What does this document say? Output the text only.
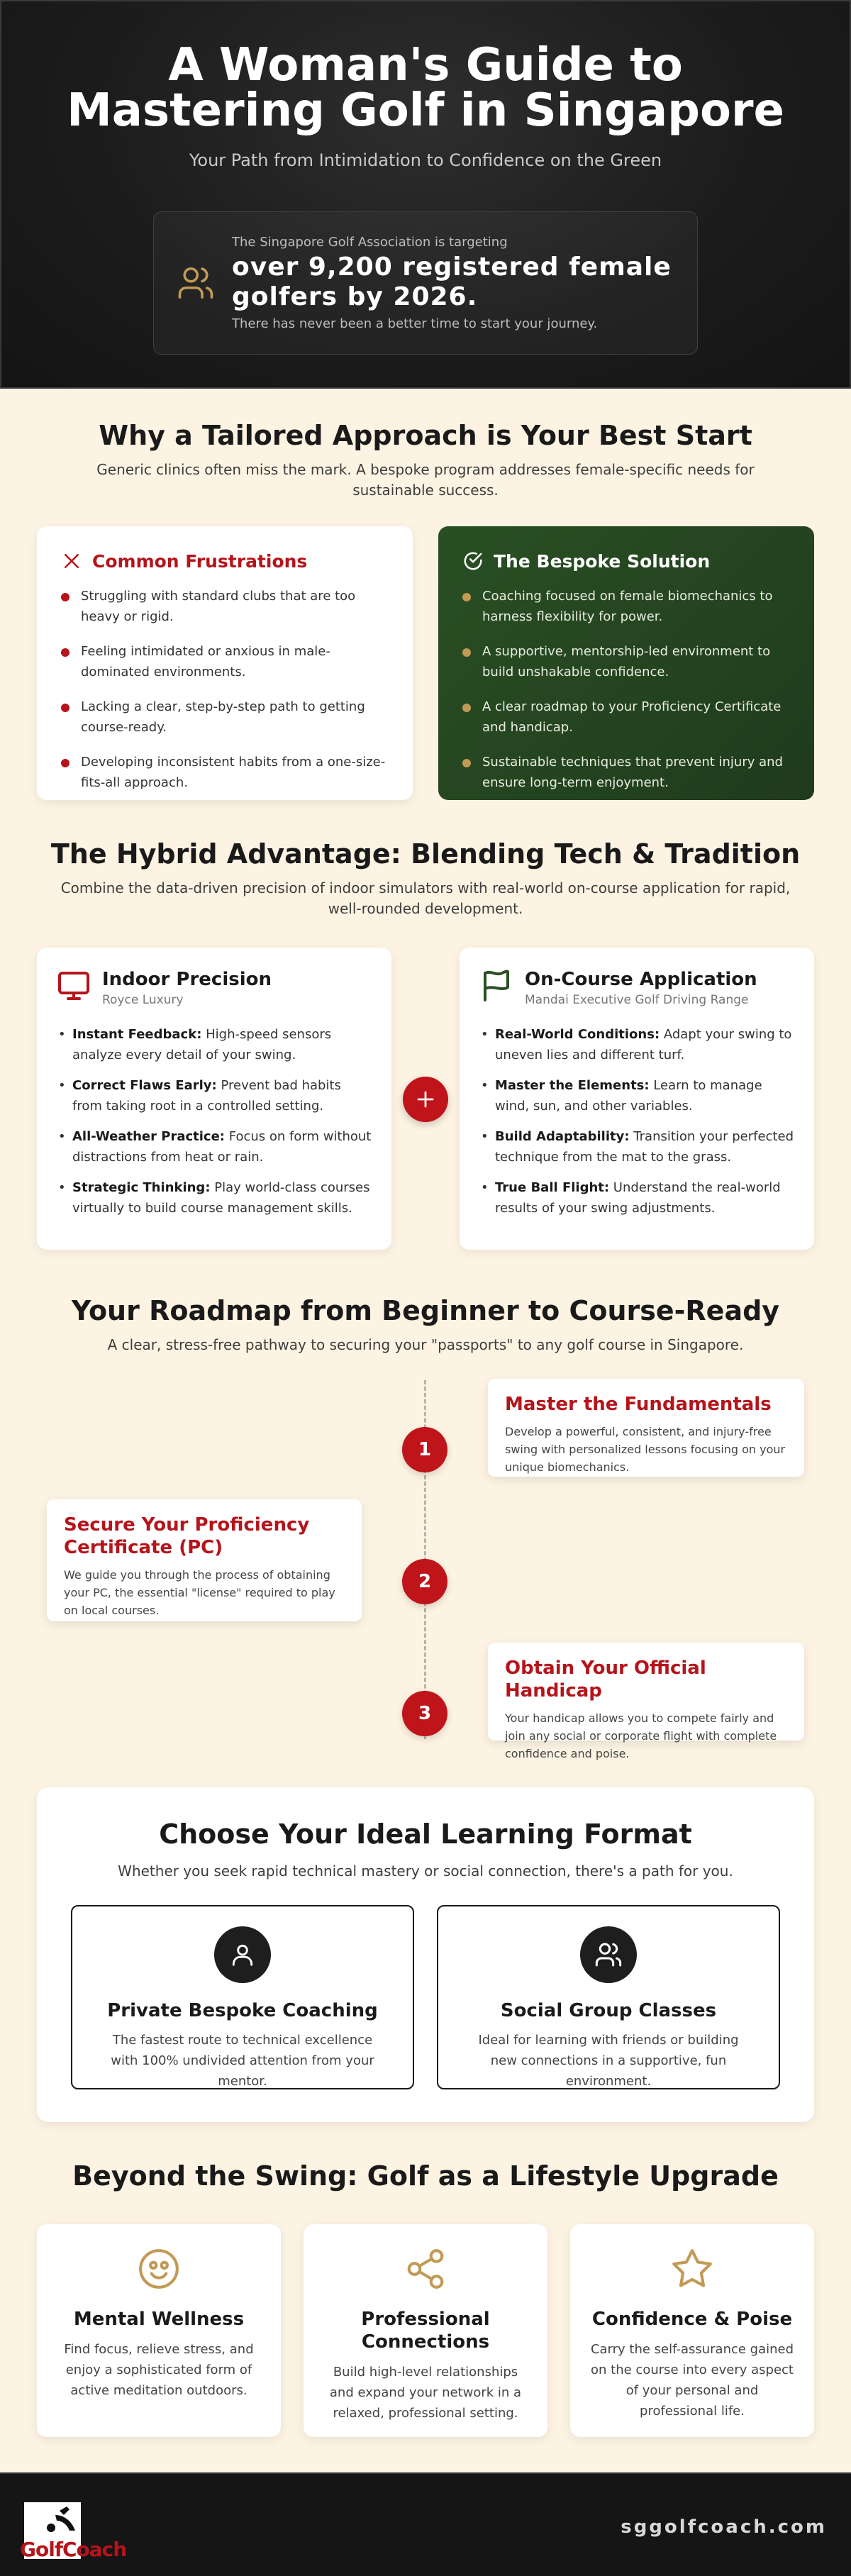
A Woman's Guide to Mastering Golf in Singapore

Your Path from Intimidation to Confidence on the Green

The Singapore Golf Association is targeting
over 9,200 registered female golfers by 2026.
There has never been a better time to start your journey.
Why a Tailored Approach is Your Best Start

Generic clinics often miss the mark. A bespoke program addresses female-specific needs for sustainable success.

Common Frustrations
Struggling with standard clubs that are too heavy or rigid.
Feeling intimidated or anxious in male-dominated environments.
Lacking a clear, step-by-step path to getting course-ready.
Developing inconsistent habits from a one-size-fits-all approach.
The Bespoke Solution
Coaching focused on female biomechanics to harness flexibility for power.
A supportive, mentorship-led environment to build unshakable confidence.
A clear roadmap to your Proficiency Certificate and handicap.
Sustainable techniques that prevent injury and ensure long-term enjoyment.
The Hybrid Advantage: Blending Tech & Tradition

Combine the data-driven precision of indoor simulators with real-world on-course application for rapid, well-rounded development.

Indoor Precision
Royce Luxury
• Instant Feedback: High-speed sensors analyze every detail of your swing.
• Correct Flaws Early: Prevent bad habits from taking root in a controlled setting.
• All-Weather Practice: Focus on form without distractions from heat or rain.
• Strategic Thinking: Play world-class courses virtually to build course management skills.
On-Course Application
Mandai Executive Golf Driving Range
• Real-World Conditions: Adapt your swing to uneven lies and different turf.
• Master the Elements: Learn to manage wind, sun, and other variables.
• Build Adaptability: Transition your perfected technique from the mat to the grass.
• True Ball Flight: Understand the real-world results of your swing adjustments.
Your Roadmap from Beginner to Course-Ready

A clear, stress-free pathway to securing your "passports" to any golf course in Singapore.

1
Master the Fundamentals

Develop a powerful, consistent, and injury-free swing with personalized lessons focusing on your unique biomechanics.

2
Secure Your Proficiency Certificate (PC)

We guide you through the process of obtaining your PC, the essential "license" required to play on local courses.

3
Obtain Your Official Handicap

Your handicap allows you to compete fairly and join any social or corporate flight with complete confidence and poise.

Choose Your Ideal Learning Format

Whether you seek rapid technical mastery or social connection, there's a path for you.

Private Bespoke Coaching

The fastest route to technical excellence with 100% undivided attention from your mentor.

Social Group Classes

Ideal for learning with friends or building new connections in a supportive, fun environment.

Beyond the Swing: Golf as a Lifestyle Upgrade
Mental Wellness

Find focus, relieve stress, and enjoy a sophisticated form of active meditation outdoors.

Professional Connections

Build high-level relationships and expand your network in a relaxed, professional setting.

Confidence & Poise

Carry the self-assurance gained on the course into every aspect of your personal and professional life.

GolfCoach
sggolfcoach.com
